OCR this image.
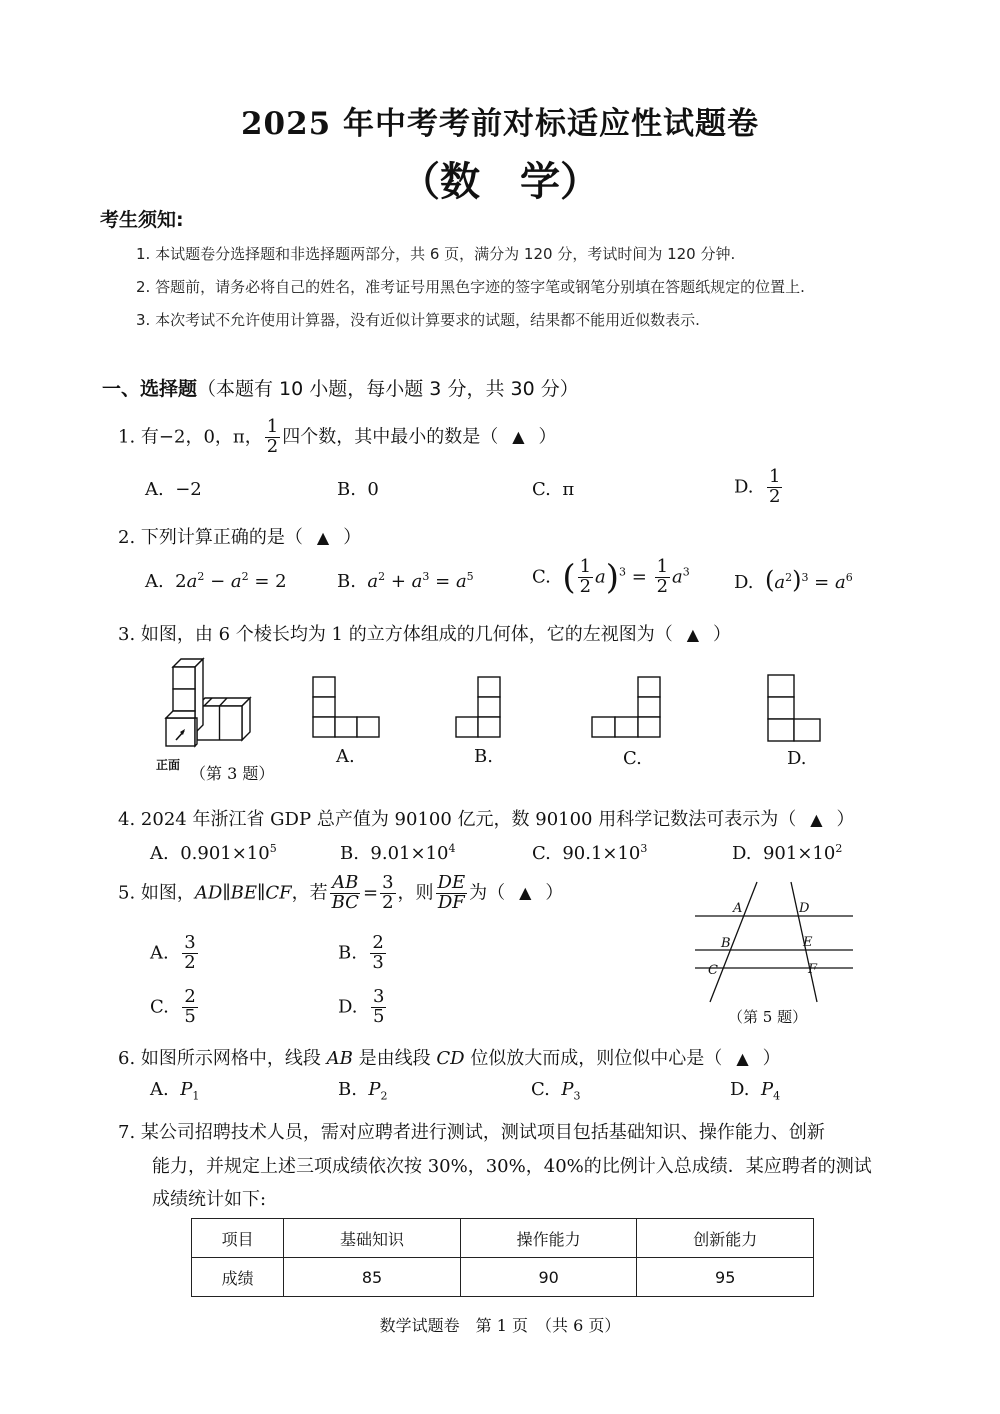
2025 年中考考前对标适应性试题卷
（数 学）
考生须知:
1. 本试题卷分选择题和非选择题两部分，共 6 页，满分为 120 分，考试时间为 120 分钟.
2. 答题前，请务必将自己的姓名，准考证号用黑色字迹的签字笔或钢笔分别填在答题纸规定的位置上.
3. 本次考试不允许使用计算器，没有近似计算要求的试题，结果都不能用近似数表示.
一、选择题（本题有 10 小题，每小题 3 分，共 30 分）
1. 有−2，0，π， $\frac{1}{2}$ 四个数，其中最小的数是（ ▲ ）
A. −2	B. 0	C. π	D. $\frac{1}{2}$
2. 下列计算正确的是（ ▲ ）
A.  $2a^2 - a^2 = 2$	B. $a^2 + a^3 = a^5$	C. ( $\frac{1}{2} a)^3 = \frac{1}{2} a^3$
D. $(a^2)^3 = a^6$
3. 如图，由 6 个棱长均为 1 的立方体组成的几何体，它的左视图为（ ▲ ）
正面 （第 3 题）
A.	B.	C.	D.
4. 2024 年浙江省 GDP 总产值为 90100 亿元，数 90100 用科学记数法可表示为（ ▲ ）
A. $0.901\times 10^5$	B. $9.01\times 10^4$	C. $90.1\times 10^3$	D. $901\times 10^2$
5. 如图，AD∥BE∥CF，若 $\frac{AB}{BC} = \frac{3}{2}$ ，则 $\frac{DE}{DF}$ 为（ ▲ ）
A. $\frac{3}{2}$	B. $\frac{2}{3}$
C. $\frac{2}{5}$	D. $\frac{3}{5}$
A
B
C
D
E
F
（第 5 题）
6. 如图所示网格中，线段 AB 是由线段 CD 位似放大而成，则位似中心是（ ▲ ）
A. $P_1$	B. $P_2$	C. $P_3$	D. $P_4$
7. 某公司招聘技术人员，需对应聘者进行测试，测试项目包括基础知识、操作能力、创新
能力，并规定上述三项成绩依次按 30%，30%，40%的比例计入总成绩．某应聘者的测试
成绩统计如下:
项目	基础知识	操作能力	创新能力
成绩	85	90	95
数学试题卷　第 1 页　（共 6 页）
